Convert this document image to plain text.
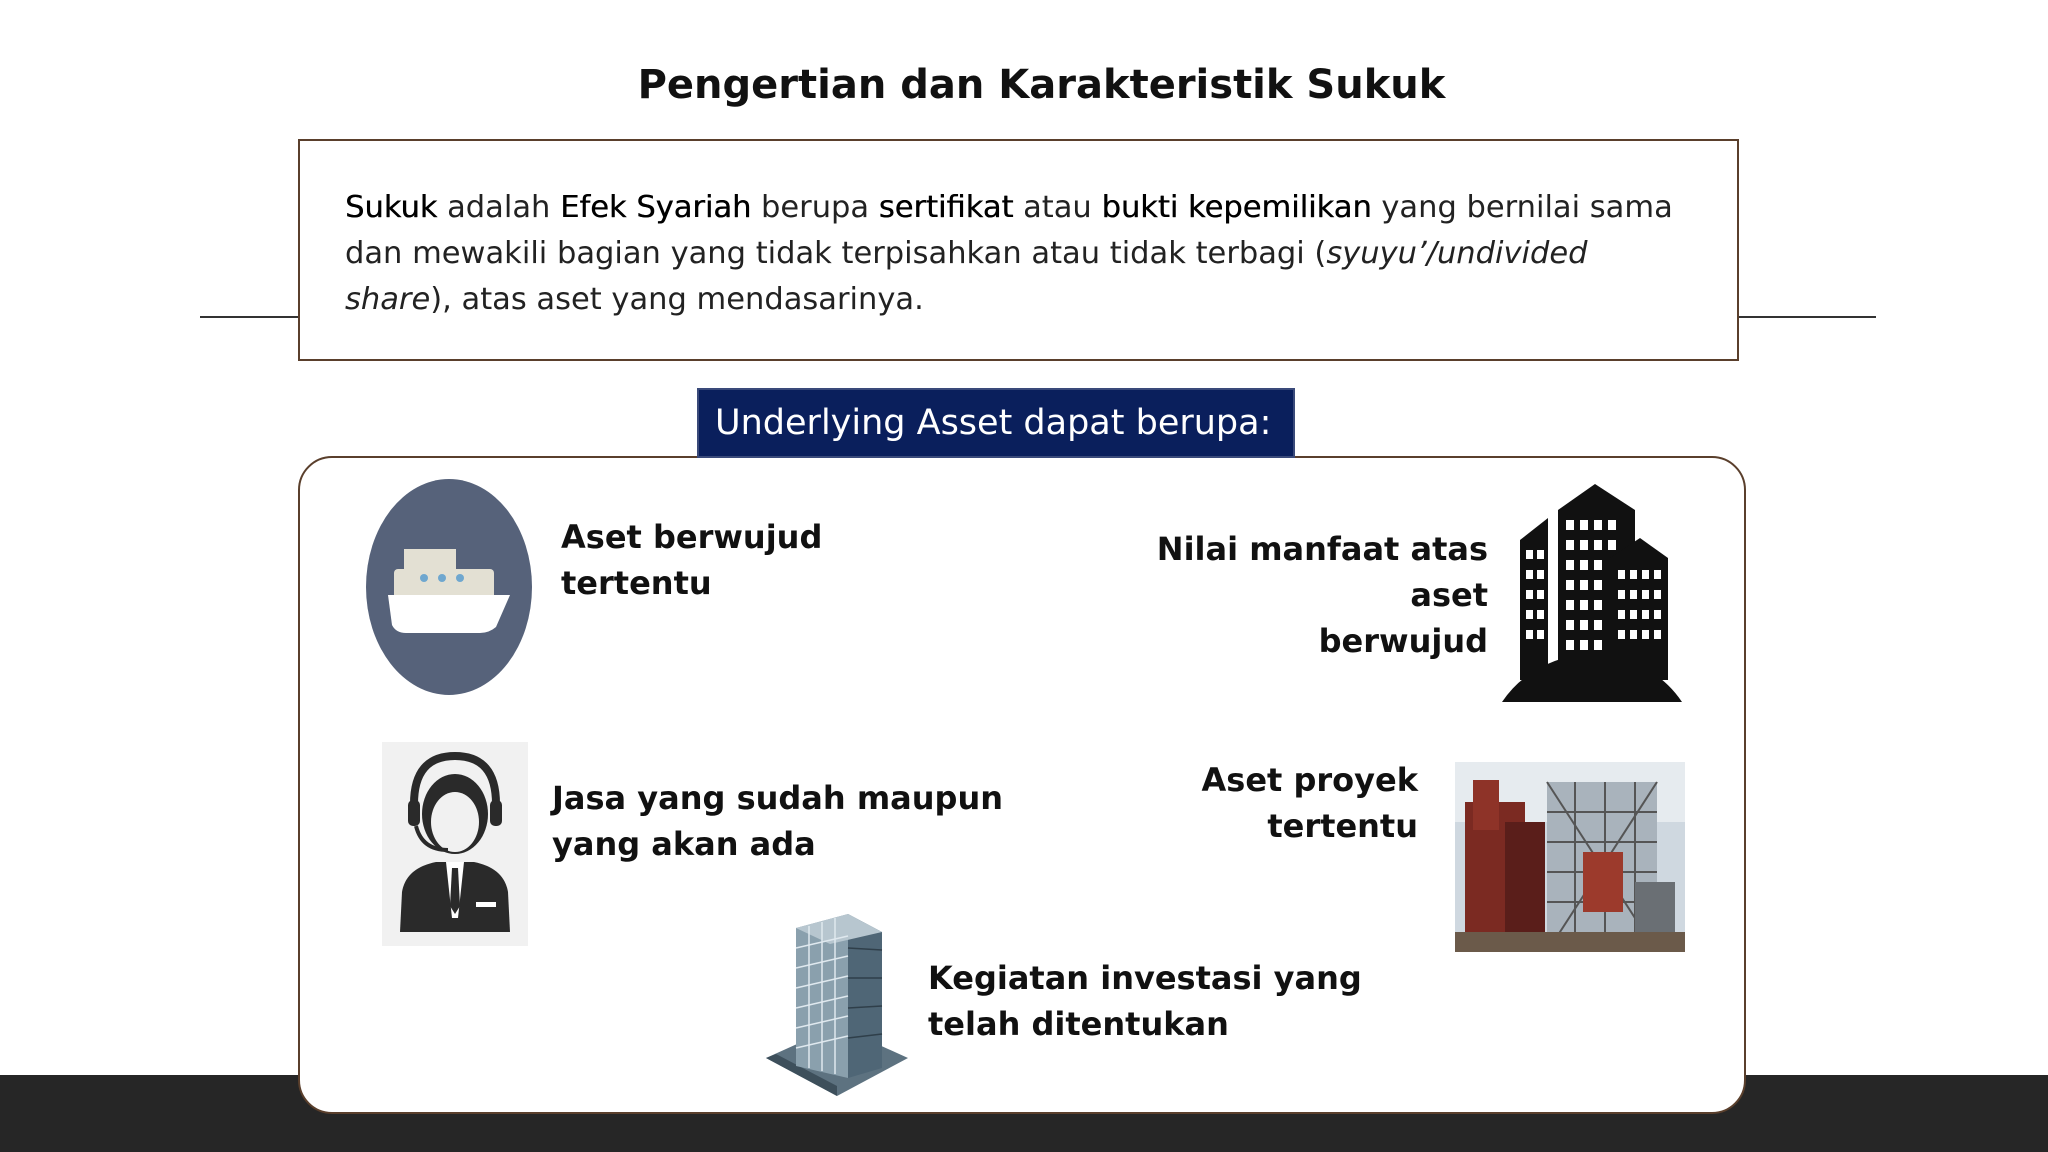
Pengertian dan Karakteristik Sukuk
Sukuk adalah Efek Syariah berupa sertifikat atau bukti kepemilikan yang bernilai sama dan mewakili bagian yang tidak terpisahkan atau tidak terbagi (syuyu’/undivided share), atas aset yang mendasarinya.
Underlying Asset dapat berupa:
Aset berwujud
tertentu
Nilai manfaat atas aset
berwujud
Jasa yang sudah maupun
yang akan ada
Aset proyek
tertentu
Kegiatan investasi yang
telah ditentukan
